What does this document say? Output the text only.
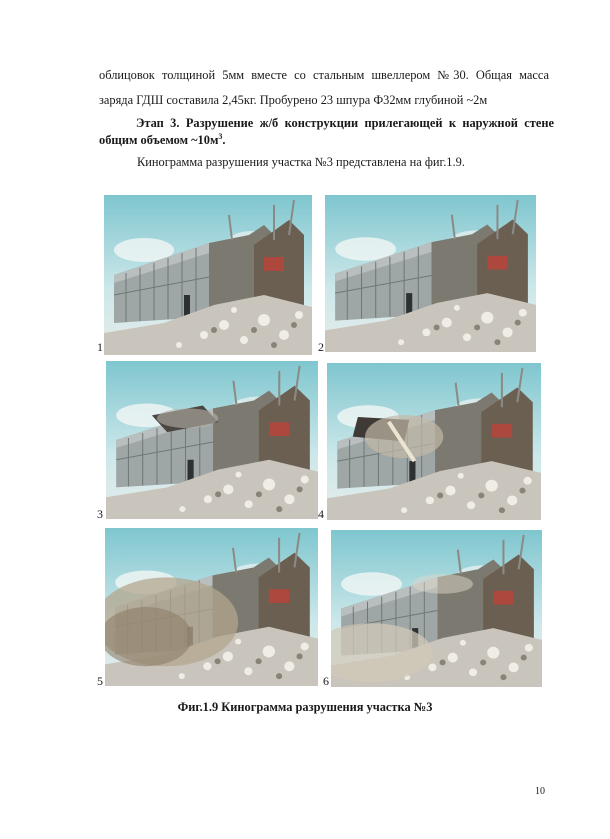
облицовок толщиной 5мм вместе со стальным швеллером №30. Общая масса
заряда ГДШ составила 2,45кг. Пробурено 23 шпура Ф32мм глубиной ~2м
Этап 3. Разрушение ж/б конструкции прилегающей к наружной стене
общим объемом $\sim 10м^3$.
Кинограмма разрушения участка №3 представлена на фиг.1.9.
1	2
3	4
5	6
Фиг.1.9 Кинограмма разрушения участка №3
10
